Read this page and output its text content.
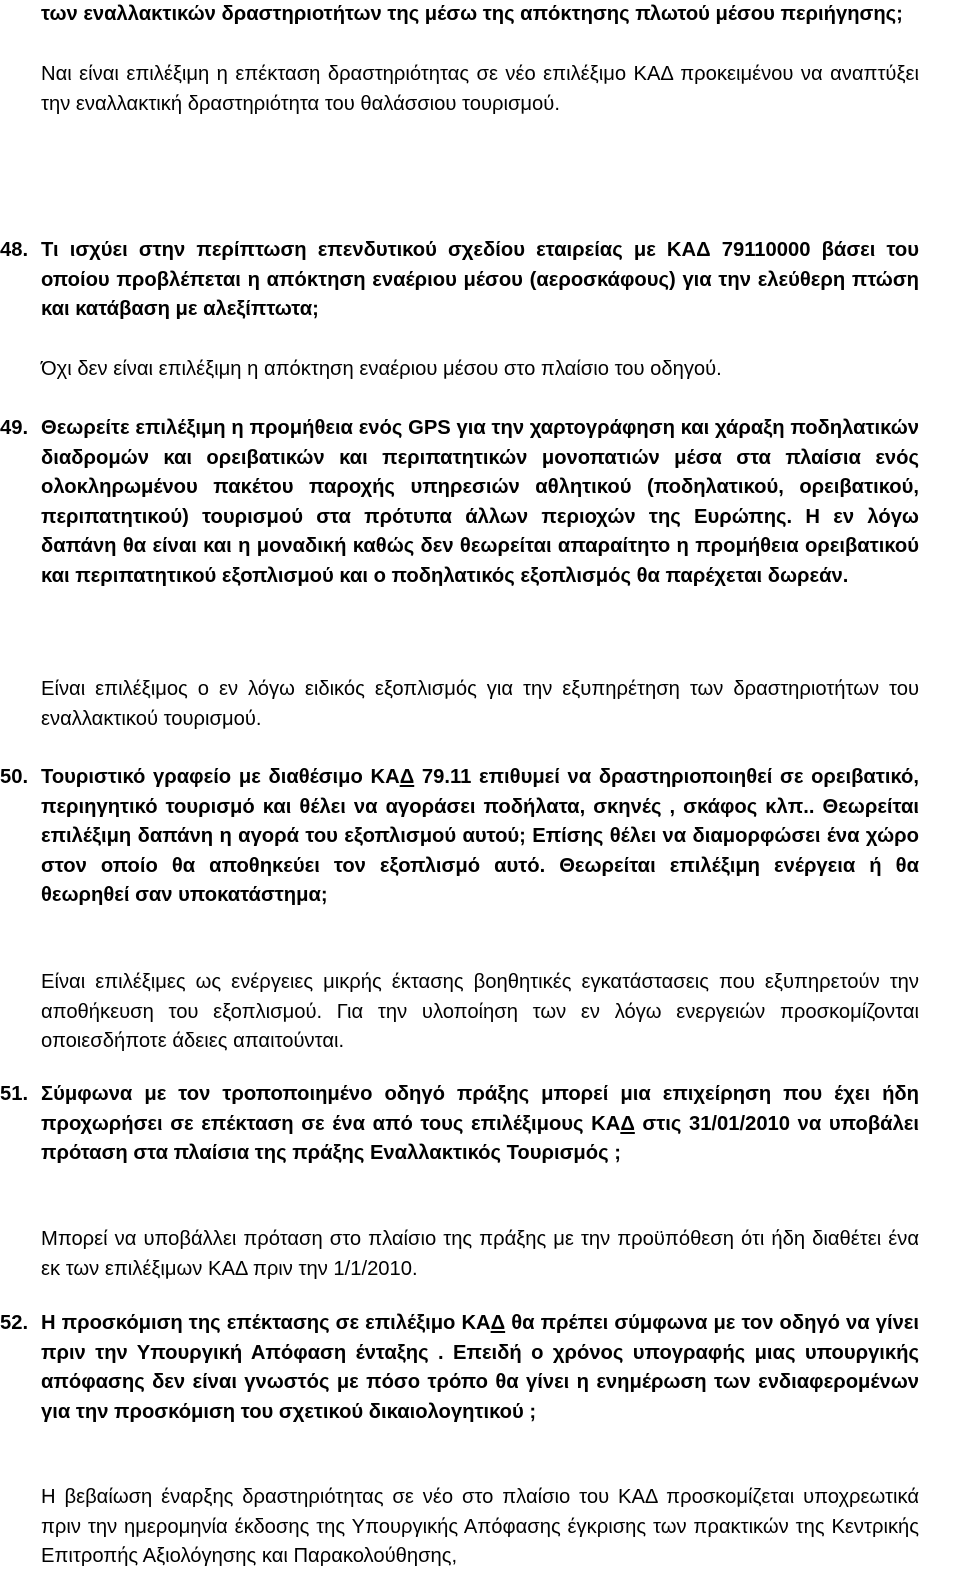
των εναλλακτικών δραστηριοτήτων της μέσω της απόκτησης πλωτού μέσου περιήγησης;

Ναι είναι επιλέξιμη η επέκταση δραστηριότητας σε νέο επιλέξιμο ΚΑΔ προκειμένου να αναπτύξει την εναλλακτική δραστηριότητα του θαλάσσιου τουρισμού.

48. Τι ισχύει στην περίπτωση επενδυτικού σχεδίου εταιρείας με ΚΑΔ 79110000 βάσει του οποίου προβλέπεται η απόκτηση εναέριου μέσου (αεροσκάφους) για την ελεύθερη πτώση και κατάβαση με αλεξίπτωτα;

Όχι δεν είναι επιλέξιμη η απόκτηση εναέριου μέσου στο πλαίσιο του οδηγού.

49. Θεωρείτε επιλέξιμη η προμήθεια ενός GPS για την χαρτογράφηση και χάραξη ποδηλατικών διαδρομών και ορειβατικών και περιπατητικών μονοπατιών μέσα στα πλαίσια ενός ολοκληρωμένου πακέτου παροχής υπηρεσιών αθλητικού (ποδηλατικού, ορειβατικού, περιπατητικού) τουρισμού στα πρότυπα άλλων περιοχών της Ευρώπης. Η εν λόγω δαπάνη θα είναι και η μοναδική καθώς δεν θεωρείται απαραίτητο η προμήθεια ορειβατικού και περιπατητικού εξοπλισμού και ο ποδηλατικός εξοπλισμός θα παρέχεται δωρεάν.

Είναι επιλέξιμος ο εν λόγω ειδικός εξοπλισμός για την εξυπηρέτηση των δραστηριοτήτων του εναλλακτικού τουρισμού.

50. Τουριστικό γραφείο με διαθέσιμο ΚΑΔ 79.11 επιθυμεί να δραστηριοποιηθεί σε ορειβατικό, περιηγητικό τουρισμό και θέλει να αγοράσει ποδήλατα, σκηνές , σκάφος κλπ.. Θεωρείται επιλέξιμη δαπάνη η αγορά του εξοπλισμού αυτού; Επίσης θέλει να διαμορφώσει ένα χώρο στον οποίο θα αποθηκεύει τον εξοπλισμό αυτό. Θεωρείται επιλέξιμη ενέργεια ή θα θεωρηθεί σαν υποκατάστημα;

Είναι επιλέξιμες ως ενέργειες μικρής έκτασης βοηθητικές εγκατάστασεις που εξυπηρετούν την αποθήκευση του εξοπλισμού. Για την υλοποίηση των εν λόγω ενεργειών προσκομίζονται οποιεσδήποτε άδειες απαιτούνται.

51. Σύμφωνα με τον τροποποιημένο οδηγό πράξης μπορεί μια επιχείρηση που έχει ήδη προχωρήσει σε επέκταση σε ένα από τους επιλέξιμους ΚΑΔ στις 31/01/2010 να υποβάλει πρόταση στα πλαίσια της πράξης Εναλλακτικός Τουρισμός ;

Μπορεί να υποβάλλει πρόταση στο πλαίσιο της πράξης με την προϋπόθεση ότι ήδη διαθέτει ένα εκ των επιλέξιμων ΚΑΔ πριν την 1/1/2010.

52. Η προσκόμιση της επέκτασης σε επιλέξιμο ΚΑΔ θα πρέπει σύμφωνα με τον οδηγό να γίνει πριν την Υπουργική Απόφαση ένταξης . Επειδή ο χρόνος υπογραφής μιας υπουργικής απόφασης δεν είναι γνωστός με πόσο τρόπο θα γίνει η ενημέρωση των ενδιαφερομένων για την προσκόμιση του σχετικού δικαιολογητικού ;

Η βεβαίωση έναρξης δραστηριότητας σε νέο στο πλαίσιο του ΚΑΔ προσκομίζεται υποχρεωτικά πριν την ημερομηνία έκδοσης της Υπουργικής Απόφασης έγκρισης των πρακτικών της Κεντρικής Επιτροπής Αξιολόγησης και Παρακολούθησης,
